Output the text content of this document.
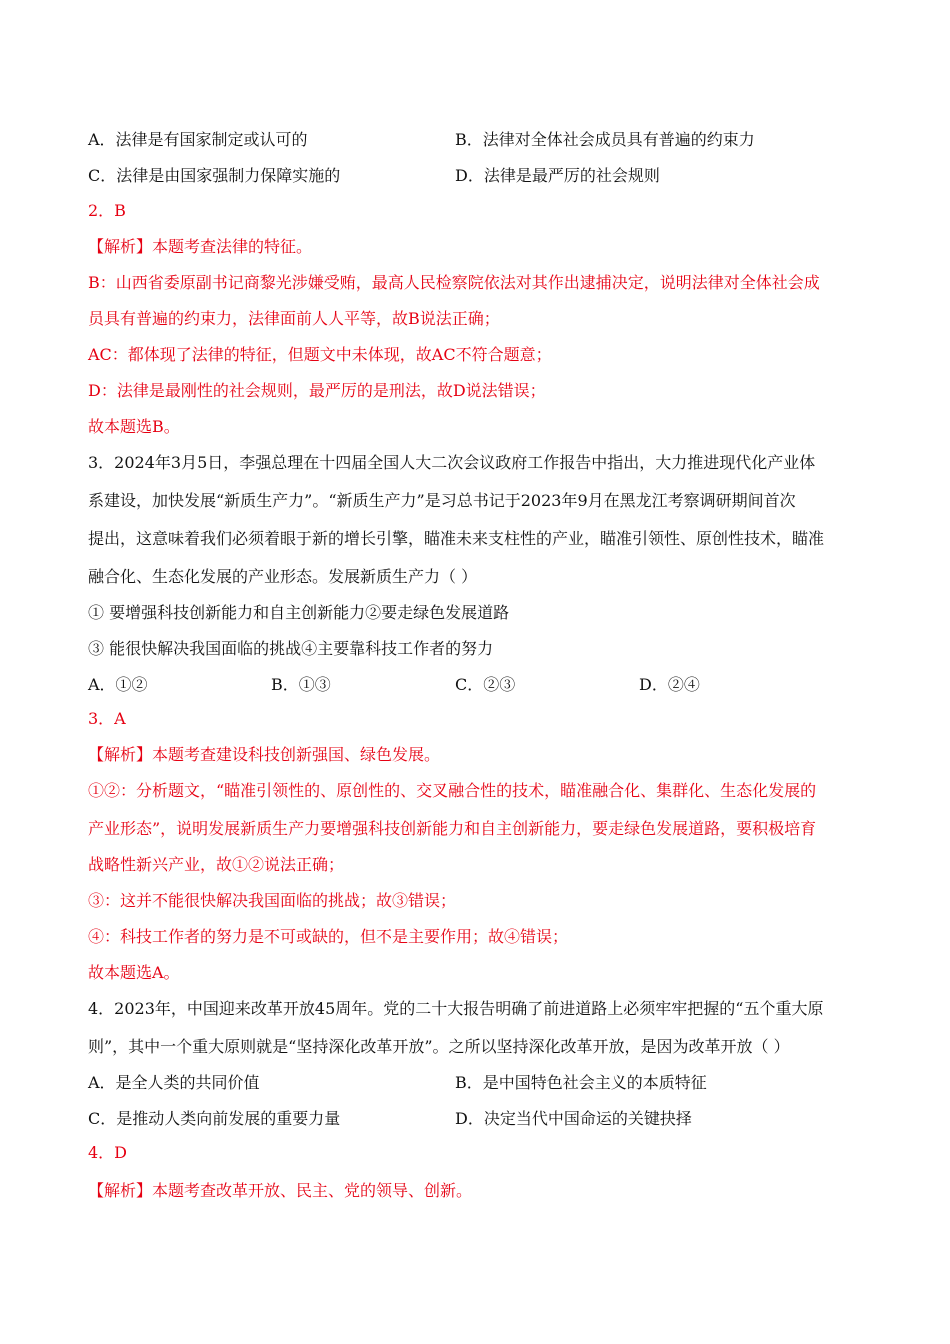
A．法律是有国家制定或认可的	B．法律对全体社会成员具有普遍的约束力
C．法律是由国家强制力保障实施的	D．法律是最严厉的社会规则
2．B
【解析】本题考查法律的特征。
B：山西省委原副书记商黎光涉嫌受贿，最高人民检察院依法对其作出逮捕决定，说明法律对全体社会成
员具有普遍的约束力，法律面前人人平等，故B说法正确；
AC：都体现了法律的特征，但题文中未体现，故AC不符合题意；
D：法律是最刚性的社会规则，最严厉的是刑法，故D说法错误；
故本题选B。
3．2024年3月5日，李强总理在十四届全国人大二次会议政府工作报告中指出，大力推进现代化产业体
系建设，加快发展“新质生产力”。“新质生产力”是习总书记于2023年9月在黑龙江考察调研期间首次
提出，这意味着我们必须着眼于新的增长引擎，瞄准未来支柱性的产业，瞄准引领性、原创性技术，瞄准
融合化、生态化发展的产业形态。发展新质生产力（ ）
① 要增强科技创新能力和自主创新能力②要走绿色发展道路
③ 能很快解决我国面临的挑战④主要靠科技工作者的努力
A．①②	B．①③	C．②③	D．②④
3．A
【解析】本题考查建设科技创新强国、绿色发展。
①②：分析题文，“瞄准引领性的、原创性的、交叉融合性的技术，瞄准融合化、集群化、生态化发展的
产业形态”，说明发展新质生产力要增强科技创新能力和自主创新能力，要走绿色发展道路，要积极培育
战略性新兴产业，故①②说法正确；
③：这并不能很快解决我国面临的挑战；故③错误；
④：科技工作者的努力是不可或缺的，但不是主要作用；故④错误；
故本题选A。
4．2023年，中国迎来改革开放45周年。党的二十大报告明确了前进道路上必须牢牢把握的“五个重大原
则”，其中一个重大原则就是“坚持深化改革开放”。之所以坚持深化改革开放，是因为改革开放（ ）
A．是全人类的共同价值	B．是中国特色社会主义的本质特征
C．是推动人类向前发展的重要力量	D．决定当代中国命运的关键抉择
4．D
【解析】本题考查改革开放、民主、党的领导、创新。
